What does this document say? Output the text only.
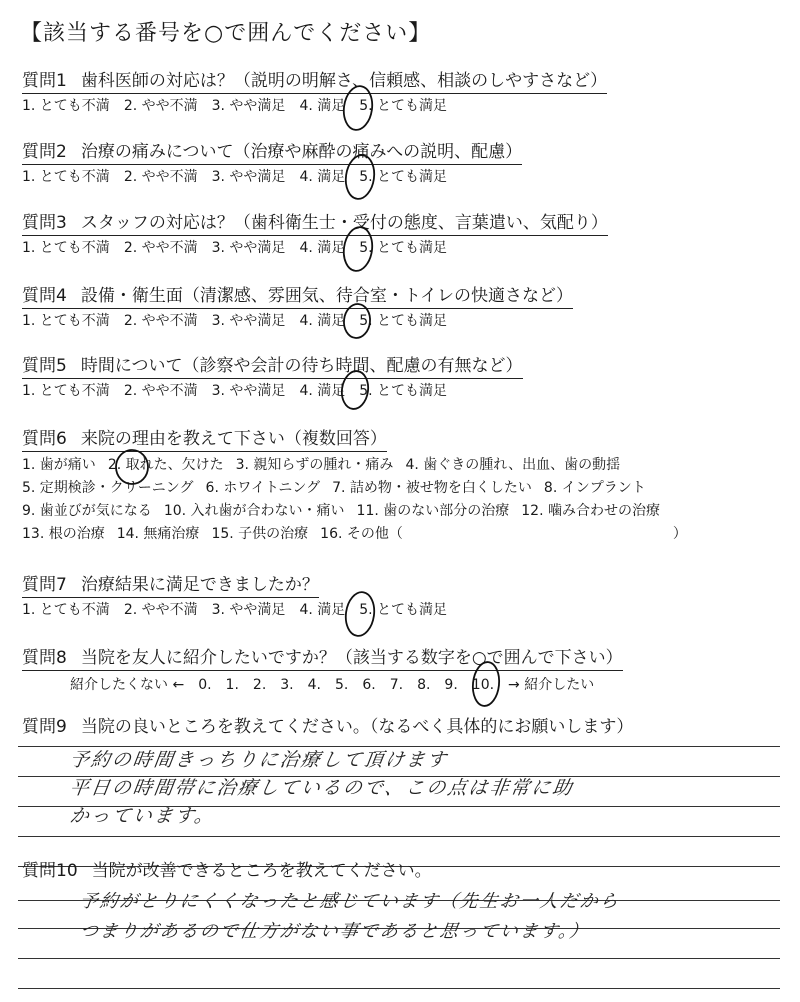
【該当する番号を○で囲んでください】
質問1 歯科医師の対応は？（説明の明解さ、信頼感、相談のしやすさなど）
1. とても不満 2. やや不満 3. やや満足 4. 満足 5. とても満足
質問2 治療の痛みについて（治療や麻酔の痛みへの説明、配慮）
1. とても不満 2. やや不満 3. やや満足 4. 満足 5. とても満足
質問3 スタッフの対応は？（歯科衛生士・受付の態度、言葉遣い、気配り）
1. とても不満 2. やや不満 3. やや満足 4. 満足 5. とても満足
質問4 設備・衛生面（清潔感、雰囲気、待合室・トイレの快適さなど）
1. とても不満 2. やや不満 3. やや満足 4. 満足 5. とても満足
質問5 時間について（診察や会計の待ち時間、配慮の有無など）
1. とても不満 2. やや不満 3. やや満足 4. 満足 5. とても満足
質問6 来院の理由を教えて下さい（複数回答）
1. 歯が痛い 2. 取れた、欠けた 3. 親知らずの腫れ・痛み 4. 歯ぐきの腫れ、出血、歯の動揺
5. 定期検診・クリーニング 6. ホワイトニング 7. 詰め物・被せ物を白くしたい 8. インプラント
9. 歯並びが気になる 10. 入れ歯が合わない・痛い 11. 歯のない部分の治療 12. 噛み合わせの治療
13. 根の治療 14. 無痛治療 15. 子供の治療 16. その他（	）
質問7 治療結果に満足できましたか？
1. とても不満 2. やや不満 3. やや満足 4. 満足 5. とても満足
質問8 当院を友人に紹介したいですか？（該当する数字を○で囲んで下さい）
紹介したくない ← 0. 1. 2. 3. 4. 5. 6. 7. 8. 9. 10. → 紹介したい
質問9 当院の良いところを教えてください。（なるべく具体的にお願いします）
予約の時間きっちりに治療して頂けます
平日の時間帯に治療しているので、この点は非常に助
かっています。
質問10 当院が改善できるところを教えてください。
予約がとりにくくなったと感じています（先生お一人だから
つまりがあるので仕方がない事であると思っています。）
